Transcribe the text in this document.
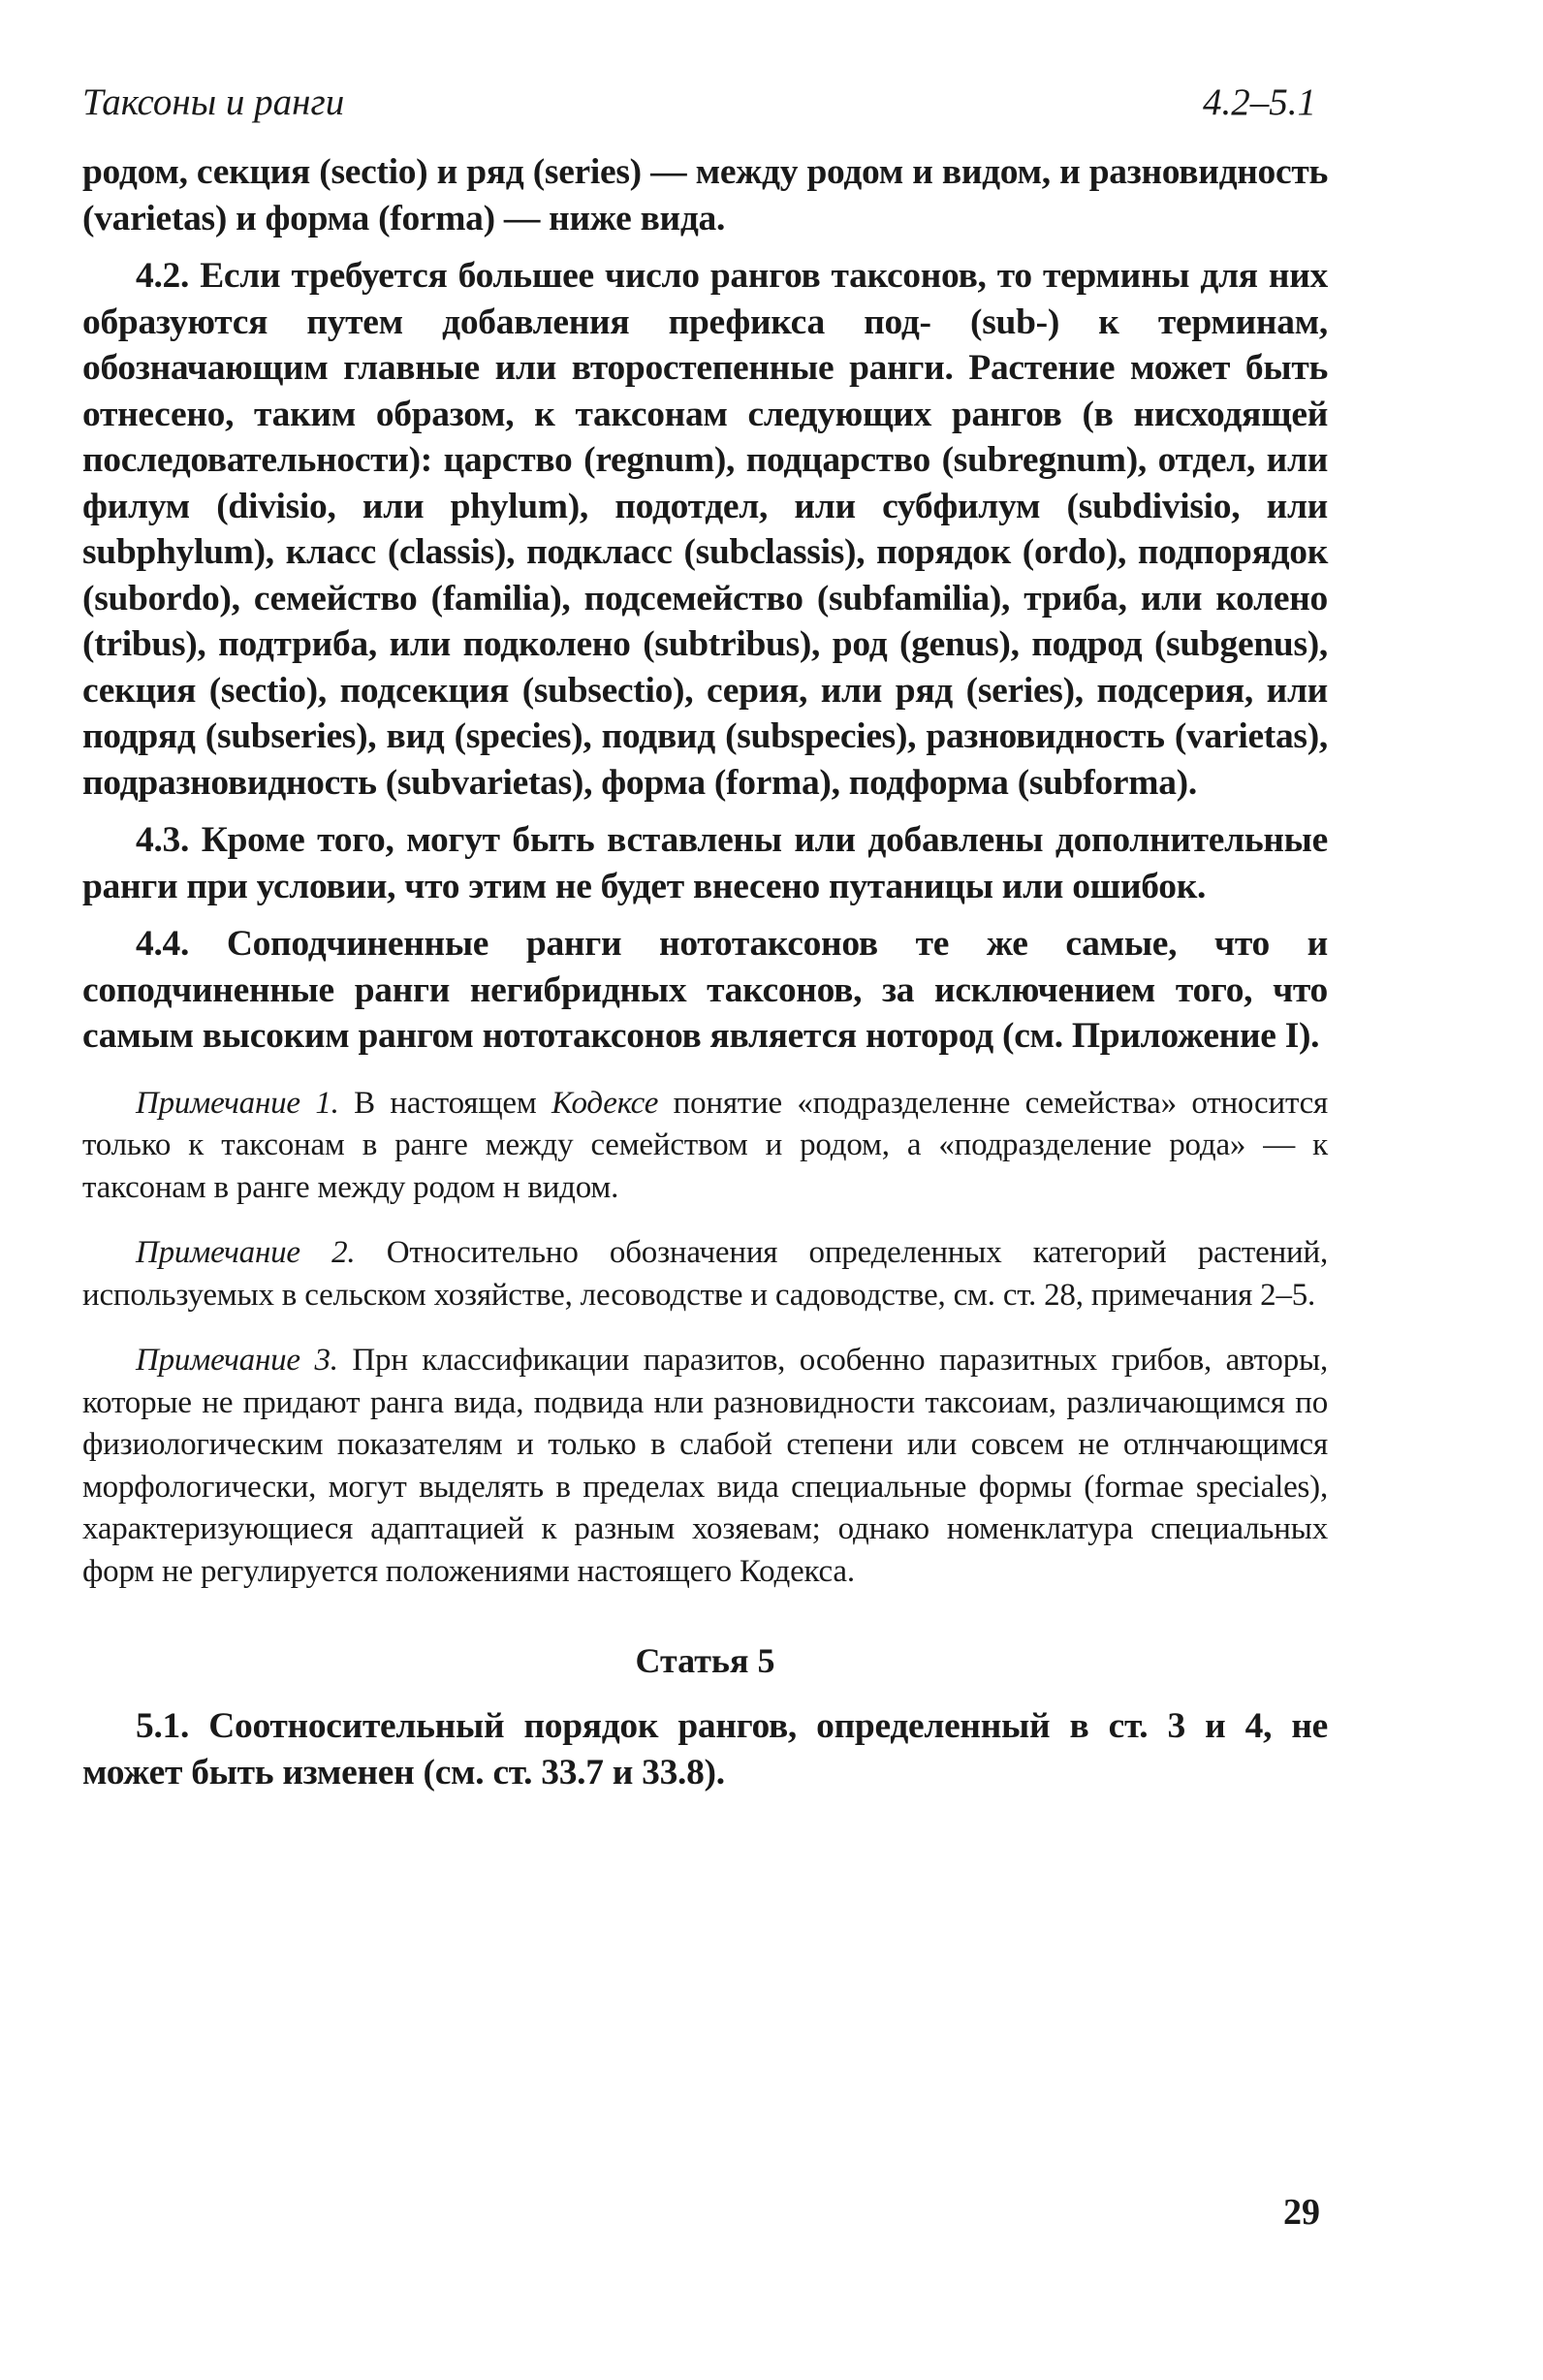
Таксоны и ранги	4.2–5.1

родом, секция (sectio) и ряд (series) — между родом и видом, и разновидность (varietas) и форма (forma) — ниже вида.

4.2. Если требуется большее число рангов таксонов, то термины для них образуются путем добавления префикса под- (sub-) к терминам, обозначающим главные или второстепенные ранги. Растение может быть отнесено, таким образом, к таксонам следующих рангов (в нисходящей последовательности): царство (regnum), подцарство (subregnum), отдел, или филум (divisio, или phylum), подотдел, или субфилум (subdivisio, или subphylum), класс (classis), подкласс (subclassis), порядок (ordo), подпорядок (subordo), семейство (familia), подсемейство (subfamilia), триба, или колено (tribus), подтриба, или подколено (subtribus), род (genus), подрод (subgenus), секция (sectio), подсекция (subsectio), серия, или ряд (series), подсерия, или подряд (subseries), вид (species), подвид (subspecies), разновидность (varietas), подразновидность (subvarietas), форма (forma), подформа (subforma).

4.3. Кроме того, могут быть вставлены или добавлены дополнительные ранги при условии, что этим не будет внесено путаницы или ошибок.

4.4. Соподчиненные ранги нототаксонов те же самые, что и соподчиненные ранги негибридных таксонов, за исключением того, что самым высоким рангом нототаксонов является нотород (см. Приложение I).

Примечание 1. В настоящем Кодексе понятие «подразделенне семейства» относится только к таксонам в ранге между семейством и родом, а «подразделение рода» — к таксонам в ранге между родом н видом.

Примечание 2. Относительно обозначения определенных категорий растений, используемых в сельском хозяйстве, лесоводстве и садоводстве, см. ст. 28, примечания 2–5.

Примечание 3. Прн классификации паразитов, особенно паразитных грибов, авторы, которые не придают ранга вида, подвида нли разновидности таксоиам, различающимся по физиологическим показателям и только в слабой степени или совсем не отлнчающимся морфологически, могут выделять в пределах вида специальные формы (formae speciales), характеризующиеся адаптацией к разным хозяевам; однако номенклатура специальных форм не регулируется положениями настоящего Кодекса.

Статья 5

5.1. Соотносительный порядок рангов, определенный в ст. 3 и 4, не может быть изменен (см. ст. 33.7 и 33.8).

29
